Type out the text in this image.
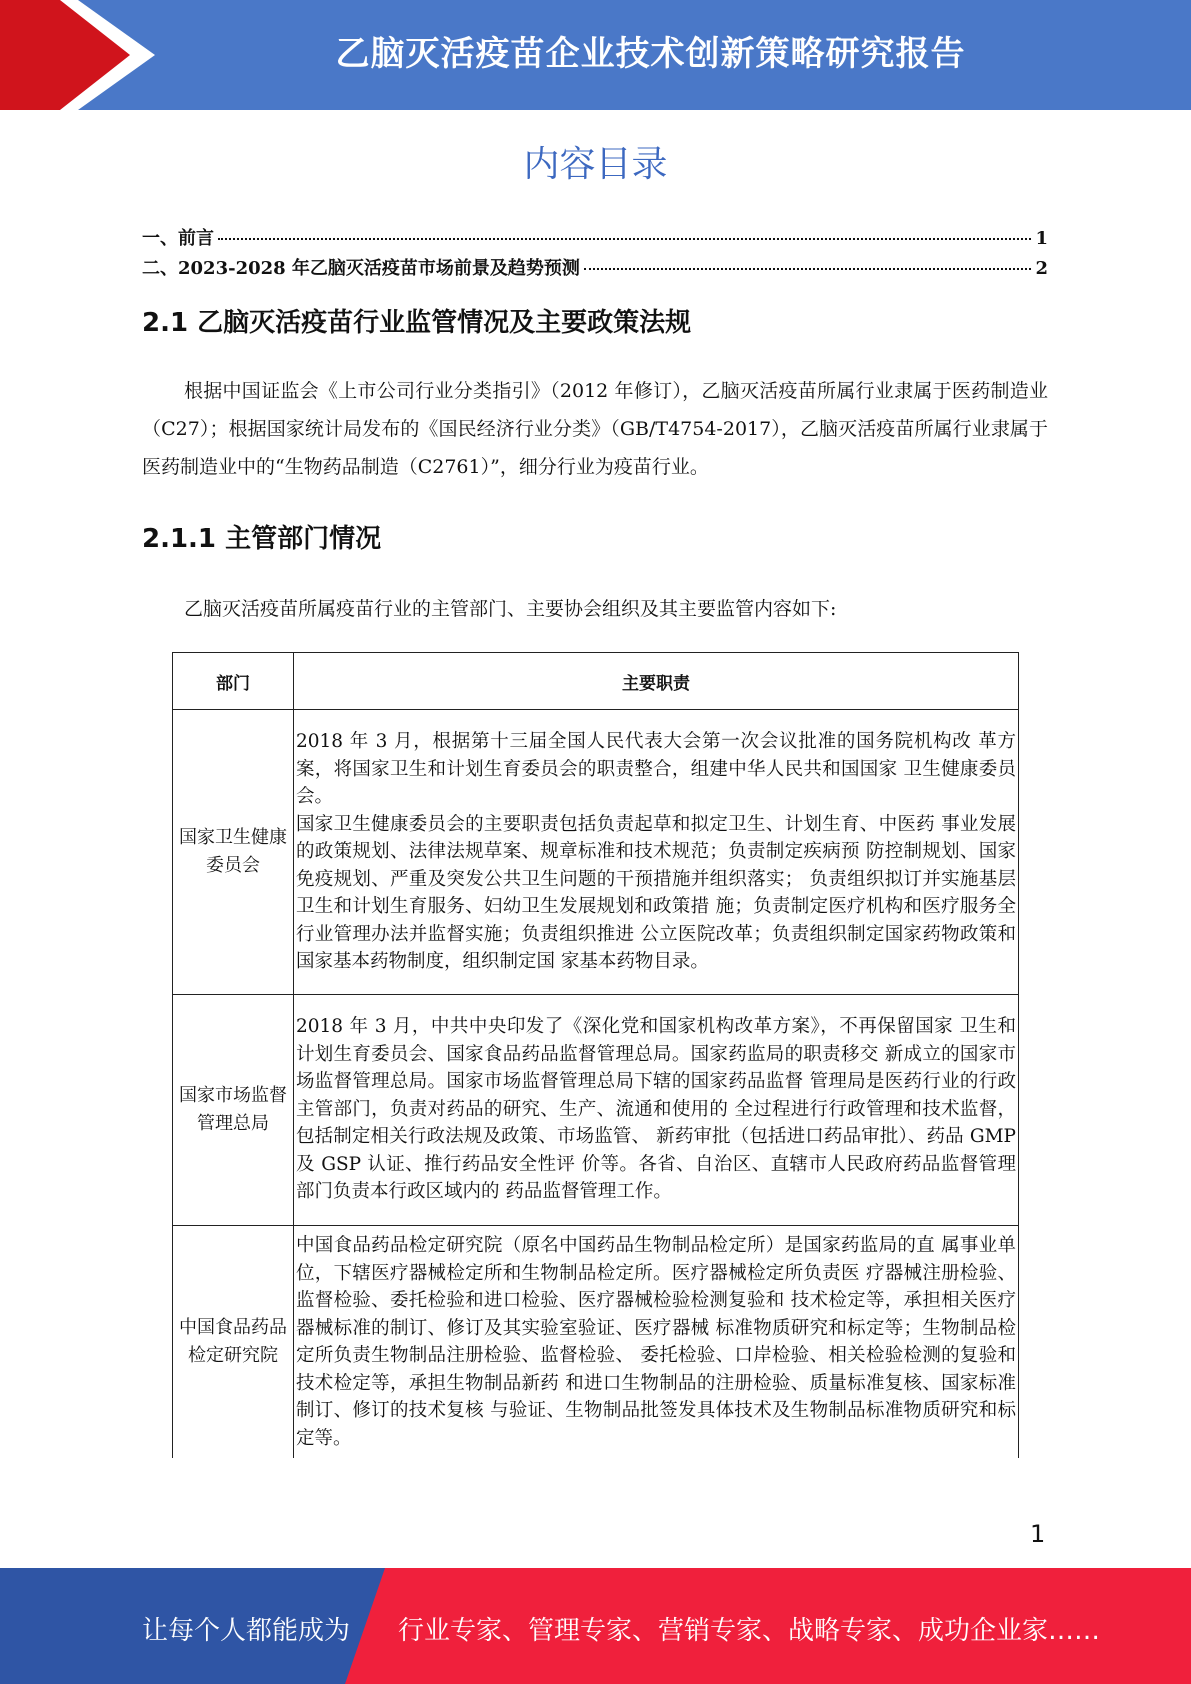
乙脑灭活疫苗企业技术创新策略研究报告
内容目录
一、前言	1
二、2023-2028 年乙脑灭活疫苗市场前景及趋势预测	2
2.1 乙脑灭活疫苗行业监管情况及主要政策法规

根据中国证监会《上市公司行业分类指引》（2012 年修订），乙脑灭活疫苗所属行业隶属于医药制造业（C27）；根据国家统计局发布的《国民经济行业分类》（GB/T4754-2017），乙脑灭活疫苗所属行业隶属于医药制造业中的“生物药品制造（C2761）”，细分行业为疫苗行业。

2.1.1 主管部门情况

乙脑灭活疫苗所属疫苗行业的主管部门、主要协会组织及其主要监管内容如下:

部门	主要职责
国家卫生健康委员会	2018 年 3 月，根据第十三届全国人民代表大会第一次会议批准的国务院机构改 革方案，将国家卫生和计划生育委员会的职责整合，组建中华人民共和国国家 卫生健康委员会。
国家卫生健康委员会的主要职责包括负责起草和拟定卫生、计划生育、中医药 事业发展的政策规划、法律法规草案、规章标准和技术规范；负责制定疾病预 防控制规划、国家免疫规划、严重及突发公共卫生问题的干预措施并组织落实； 负责组织拟订并实施基层卫生和计划生育服务、妇幼卫生发展规划和政策措 施；负责制定医疗机构和医疗服务全行业管理办法并监督实施；负责组织推进 公立医院改革；负责组织制定国家药物政策和国家基本药物制度，组织制定国 家基本药物目录。
国家市场监督管理总局	2018 年 3 月，中共中央印发了《深化党和国家机构改革方案》，不再保留国家 卫生和计划生育委员会、国家食品药品监督管理总局。国家药监局的职责移交 新成立的国家市场监督管理总局。国家市场监督管理总局下辖的国家药品监督 管理局是医药行业的行政主管部门，负责对药品的研究、生产、流通和使用的 全过程进行行政管理和技术监督，包括制定相关行政法规及政策、市场监管、 新药审批（包括进口药品审批）、药品 GMP 及 GSP 认证、推行药品安全性评 价等。各省、自治区、直辖市人民政府药品监督管理部门负责本行政区域内的 药品监督管理工作。
中国食品药品检定研究院	中国食品药品检定研究院（原名中国药品生物制品检定所）是国家药监局的直 属事业单位，下辖医疗器械检定所和生物制品检定所。医疗器械检定所负责医 疗器械注册检验、监督检验、委托检验和进口检验、医疗器械检验检测复验和 技术检定等，承担相关医疗器械标准的制订、修订及其实验室验证、医疗器械 标准物质研究和标定等；生物制品检定所负责生物制品注册检验、监督检验、 委托检验、口岸检验、相关检验检测的复验和技术检定等，承担生物制品新药 和进口生物制品的注册检验、质量标准复核、国家标准制订、修订的技术复核 与验证、生物制品批签发具体技术及生物制品标准物质研究和标定等。
1
让每个人都能成为 行业专家、管理专家、营销专家、战略专家、成功企业家……
